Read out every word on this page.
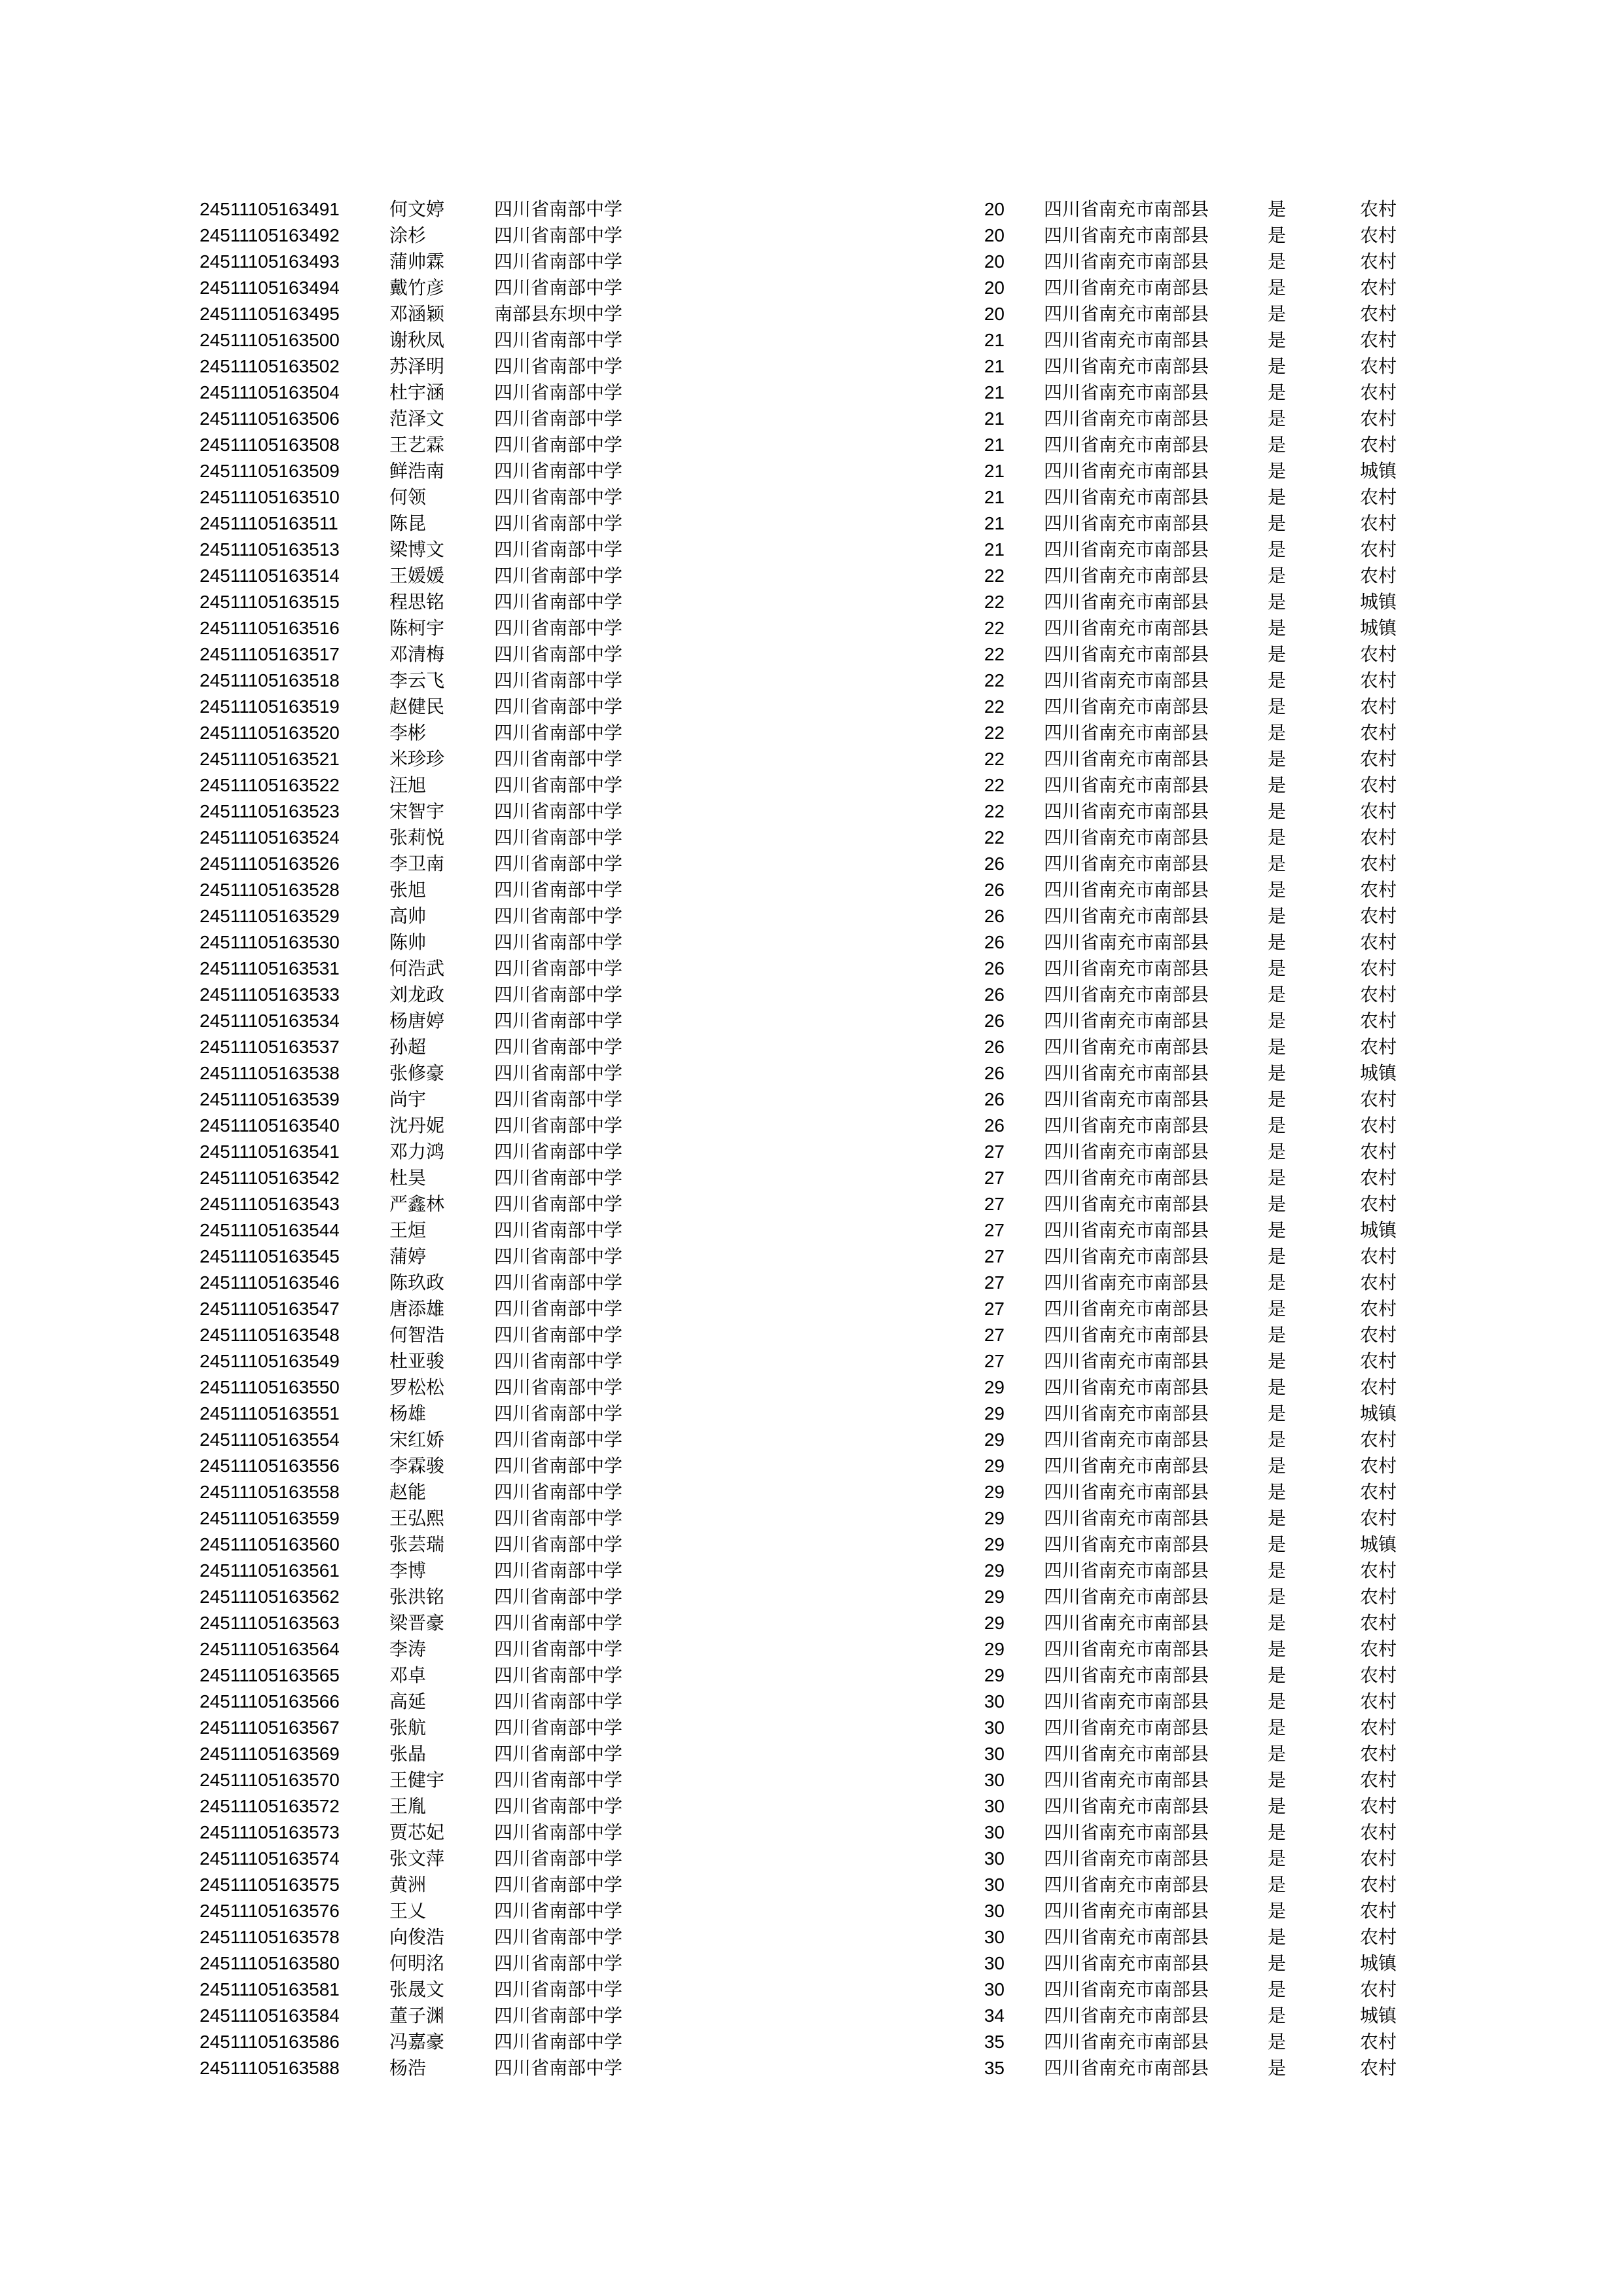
24511105163491	何文婷	四川省南部中学	20 四川省南充市南部县	是	农村
24511105163492	涂杉	四川省南部中学	20 四川省南充市南部县	是	农村
24511105163493	蒲帅霖	四川省南部中学	20 四川省南充市南部县	是	农村
24511105163494	戴竹彦	四川省南部中学	20 四川省南充市南部县	是	农村
24511105163495	邓涵颖	南部县东坝中学	20 四川省南充市南部县	是	农村
24511105163500	谢秋凤	四川省南部中学	21 四川省南充市南部县	是	农村
24511105163502	苏泽明	四川省南部中学	21 四川省南充市南部县	是	农村
24511105163504	杜宇涵	四川省南部中学	21 四川省南充市南部县	是	农村
24511105163506	范泽文	四川省南部中学	21 四川省南充市南部县	是	农村
24511105163508	王艺霖	四川省南部中学	21 四川省南充市南部县	是	农村
24511105163509	鲜浩南	四川省南部中学	21 四川省南充市南部县	是	城镇
24511105163510	何领	四川省南部中学	21 四川省南充市南部县	是	农村
24511105163511	陈昆	四川省南部中学	21 四川省南充市南部县	是	农村
24511105163513	梁博文	四川省南部中学	21 四川省南充市南部县	是	农村
24511105163514	王媛媛	四川省南部中学	22 四川省南充市南部县	是	农村
24511105163515	程思铭	四川省南部中学	22 四川省南充市南部县	是	城镇
24511105163516	陈柯宇	四川省南部中学	22 四川省南充市南部县	是	城镇
24511105163517	邓清梅	四川省南部中学	22 四川省南充市南部县	是	农村
24511105163518	李云飞	四川省南部中学	22 四川省南充市南部县	是	农村
24511105163519	赵健民	四川省南部中学	22 四川省南充市南部县	是	农村
24511105163520	李彬	四川省南部中学	22 四川省南充市南部县	是	农村
24511105163521	米珍珍	四川省南部中学	22 四川省南充市南部县	是	农村
24511105163522	汪旭	四川省南部中学	22 四川省南充市南部县	是	农村
24511105163523	宋智宇	四川省南部中学	22 四川省南充市南部县	是	农村
24511105163524	张莉悦	四川省南部中学	22 四川省南充市南部县	是	农村
24511105163526	李卫南	四川省南部中学	26 四川省南充市南部县	是	农村
24511105163528	张旭	四川省南部中学	26 四川省南充市南部县	是	农村
24511105163529	高帅	四川省南部中学	26 四川省南充市南部县	是	农村
24511105163530	陈帅	四川省南部中学	26 四川省南充市南部县	是	农村
24511105163531	何浩武	四川省南部中学	26 四川省南充市南部县	是	农村
24511105163533	刘龙政	四川省南部中学	26 四川省南充市南部县	是	农村
24511105163534	杨唐婷	四川省南部中学	26 四川省南充市南部县	是	农村
24511105163537	孙超	四川省南部中学	26 四川省南充市南部县	是	农村
24511105163538	张修豪	四川省南部中学	26 四川省南充市南部县	是	城镇
24511105163539	尚宇	四川省南部中学	26 四川省南充市南部县	是	农村
24511105163540	沈丹妮	四川省南部中学	26 四川省南充市南部县	是	农村
24511105163541	邓力鸿	四川省南部中学	27 四川省南充市南部县	是	农村
24511105163542	杜昊	四川省南部中学	27 四川省南充市南部县	是	农村
24511105163543	严鑫林	四川省南部中学	27 四川省南充市南部县	是	农村
24511105163544	王烜	四川省南部中学	27 四川省南充市南部县	是	城镇
24511105163545	蒲婷	四川省南部中学	27 四川省南充市南部县	是	农村
24511105163546	陈玖政	四川省南部中学	27 四川省南充市南部县	是	农村
24511105163547	唐添雄	四川省南部中学	27 四川省南充市南部县	是	农村
24511105163548	何智浩	四川省南部中学	27 四川省南充市南部县	是	农村
24511105163549	杜亚骏	四川省南部中学	27 四川省南充市南部县	是	农村
24511105163550	罗松松	四川省南部中学	29 四川省南充市南部县	是	农村
24511105163551	杨雄	四川省南部中学	29 四川省南充市南部县	是	城镇
24511105163554	宋红娇	四川省南部中学	29 四川省南充市南部县	是	农村
24511105163556	李霖骏	四川省南部中学	29 四川省南充市南部县	是	农村
24511105163558	赵能	四川省南部中学	29 四川省南充市南部县	是	农村
24511105163559	王弘熙	四川省南部中学	29 四川省南充市南部县	是	农村
24511105163560	张芸瑞	四川省南部中学	29 四川省南充市南部县	是	城镇
24511105163561	李博	四川省南部中学	29 四川省南充市南部县	是	农村
24511105163562	张洪铭	四川省南部中学	29 四川省南充市南部县	是	农村
24511105163563	梁晋豪	四川省南部中学	29 四川省南充市南部县	是	农村
24511105163564	李涛	四川省南部中学	29 四川省南充市南部县	是	农村
24511105163565	邓卓	四川省南部中学	29 四川省南充市南部县	是	农村
24511105163566	高延	四川省南部中学	30 四川省南充市南部县	是	农村
24511105163567	张航	四川省南部中学	30 四川省南充市南部县	是	农村
24511105163569	张晶	四川省南部中学	30 四川省南充市南部县	是	农村
24511105163570	王健宇	四川省南部中学	30 四川省南充市南部县	是	农村
24511105163572	王胤	四川省南部中学	30 四川省南充市南部县	是	农村
24511105163573	贾芯妃	四川省南部中学	30 四川省南充市南部县	是	农村
24511105163574	张文萍	四川省南部中学	30 四川省南充市南部县	是	农村
24511105163575	黄洲	四川省南部中学	30 四川省南充市南部县	是	农村
24511105163576	王乂	四川省南部中学	30 四川省南充市南部县	是	农村
24511105163578	向俊浩	四川省南部中学	30 四川省南充市南部县	是	农村
24511105163580	何明洺	四川省南部中学	30 四川省南充市南部县	是	城镇
24511105163581	张晟文	四川省南部中学	30 四川省南充市南部县	是	农村
24511105163584	董子渊	四川省南部中学	34 四川省南充市南部县	是	城镇
24511105163586	冯嘉豪	四川省南部中学	35 四川省南充市南部县	是	农村
24511105163588	杨浩	四川省南部中学	35 四川省南充市南部县	是	农村
